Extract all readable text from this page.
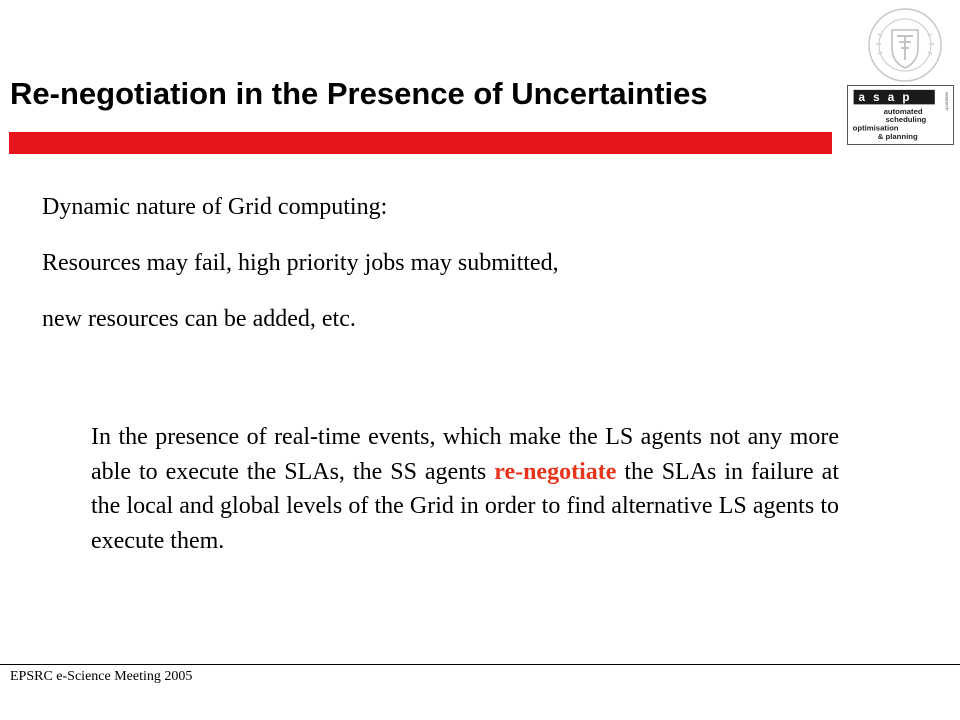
Re-negotiation in the Presence of Uncertainties	asap	research
automated
scheduling
optimisation
& planning

Dynamic nature of Grid computing:

Resources may fail, high priority jobs may submitted,

new resources can be added, etc.

In the presence of real-time events, which make the LS agents not any more able to execute the SLAs, the SS agents re-negotiate the SLAs in failure at the local and global levels of the Grid in order to find alternative LS agents to execute them.
EPSRC e-Science Meeting 2005
